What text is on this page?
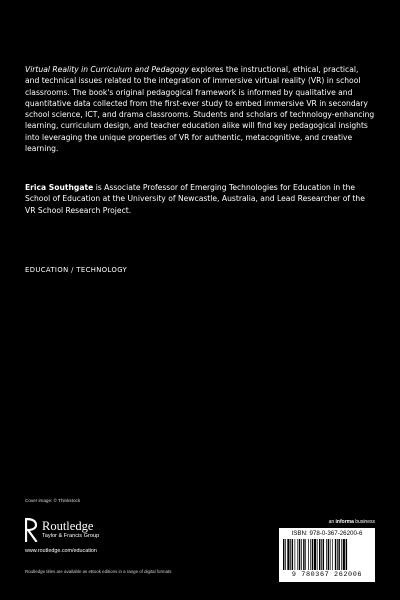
Virtual Reality in Curriculum and Pedagogy explores the instructional, ethical, practical, and technical issues related to the integration of immersive virtual reality (VR) in school classrooms. The book's original pedagogical framework is informed by qualitative and quantitative data collected from the first-ever study to embed immersive VR in secondary school science, ICT, and drama classrooms. Students and scholars of technology-enhancing learning, curriculum design, and teacher education alike will find key pedagogical insights into leveraging the unique properties of VR for authentic, metacognitive, and creative learning.
Erica Southgate is Associate Professor of Emerging Technologies for Education in the School of Education at the University of Newcastle, Australia, and Lead Researcher of the VR School Research Project.
EDUCATION / TECHNOLOGY
Cover image: © Thinkstock
Routledge
Taylor & Francis Group
www.routledge.com/education
Routledge titles are available as eBook editions in a range of digital formats
an informa business
ISBN: 978-0-367-26200-6
9 780367 262006
